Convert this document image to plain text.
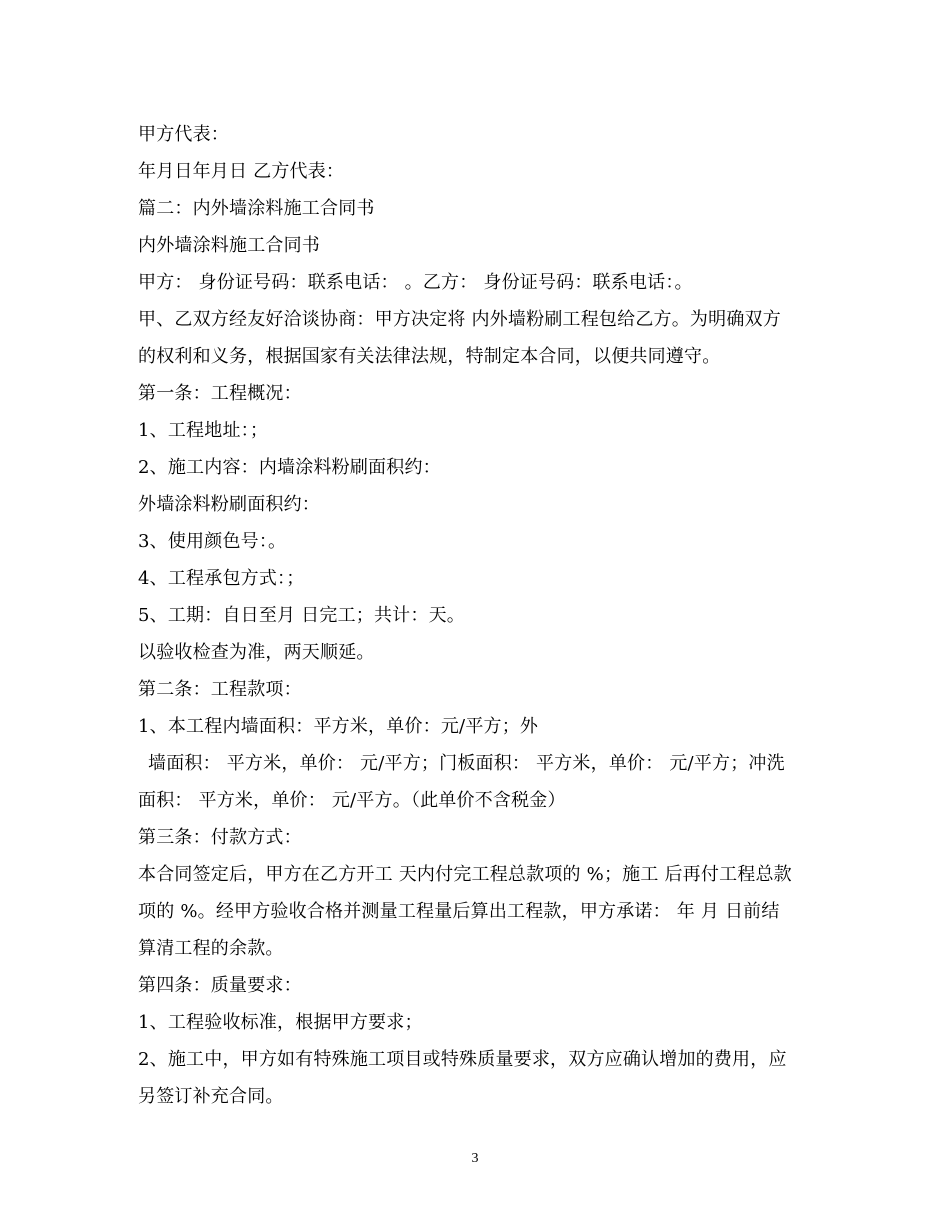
甲方代表：
年月日年月日 乙方代表：
篇二：内外墙涂料施工合同书
内外墙涂料施工合同书
甲方： 身份证号码：联系电话： 。乙方： 身份证号码：联系电话：。
甲、乙双方经友好洽谈协商：甲方决定将 内外墙粉刷工程包给乙方。为明确双方
的权利和义务，根据国家有关法律法规，特制定本合同，以便共同遵守。
第一条：工程概况：
1、工程地址：；
2、施工内容：内墙涂料粉刷面积约：
外墙涂料粉刷面积约：
3、使用颜色号：。
4、工程承包方式：；
5、工期：自日至月 日完工；共计：天。
以验收检查为准，两天顺延。
第二条：工程款项：
1、本工程内墙面积：平方米，单价：元/平方；外
墙面积： 平方米，单价： 元/平方；门板面积： 平方米，单价： 元/平方；冲洗
面积： 平方米，单价： 元/平方。（此单价不含税金）
第三条：付款方式：
本合同签定后，甲方在乙方开工 天内付完工程总款项的 %；施工 后再付工程总款
项的 %。经甲方验收合格并测量工程量后算出工程款，甲方承诺： 年 月 日前结
算清工程的余款。
第四条：质量要求：
1、工程验收标准，根据甲方要求；
2、施工中，甲方如有特殊施工项目或特殊质量要求，双方应确认增加的费用，应
另签订补充合同。
3
